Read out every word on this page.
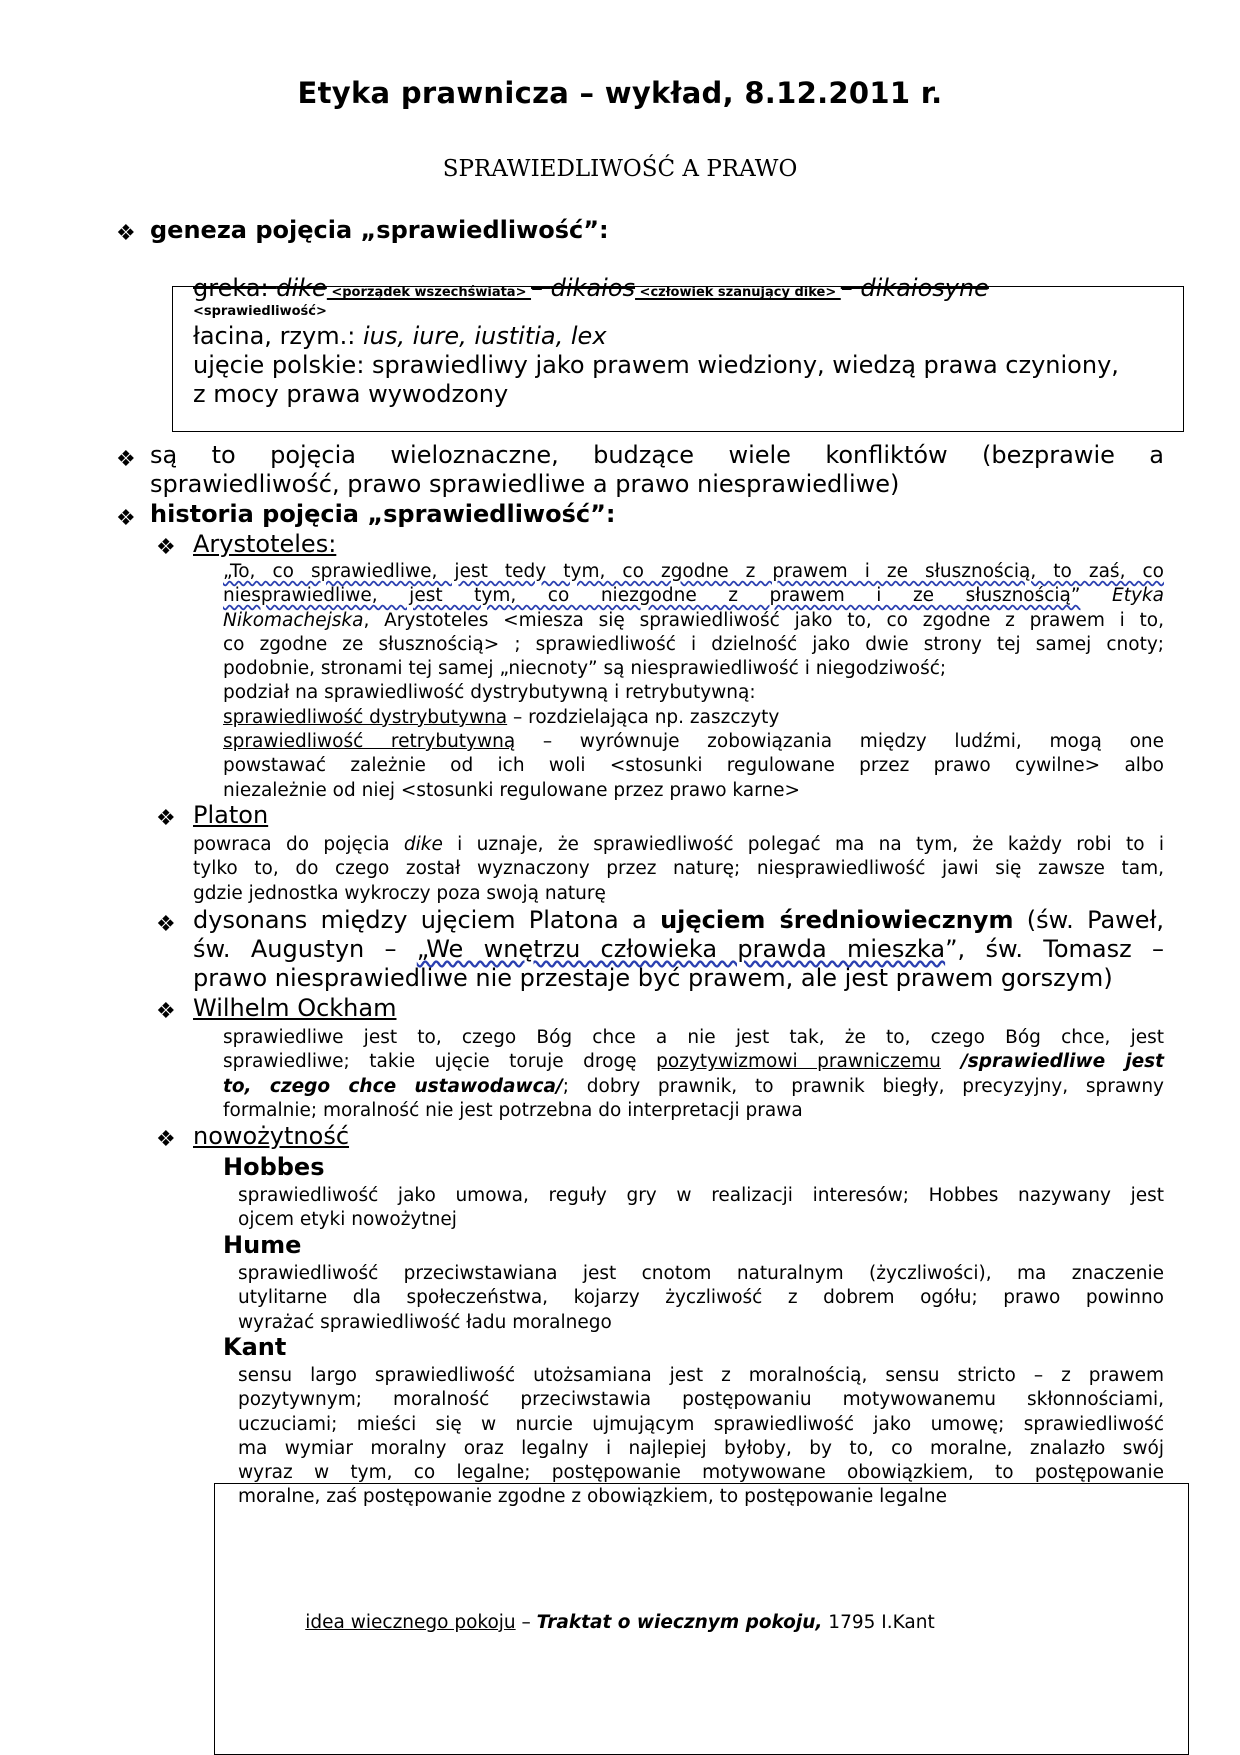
Etyka prawnicza – wykład, 8.12.2011 r.
SPRAWIEDLIWOŚĆ A PRAWO
❖ geneza pojęcia „sprawiedliwość”:
greka: dike <porządek wszechświata> – dikaios <człowiek szanujący dike> – dikaiosyne
<sprawiedliwość>
łacina, rzym.: ius, iure, iustitia, lex
ujęcie polskie: sprawiedliwy jako prawem wiedziony, wiedzą prawa czyniony,
z mocy prawa wywodzony
❖ są to pojęcia wieloznaczne, budzące wiele konfliktów (bezprawie a
sprawiedliwość, prawo sprawiedliwe a prawo niesprawiedliwe)
❖ historia pojęcia „sprawiedliwość”:
❖ Arystoteles:
„To, co sprawiedliwe, jest tedy tym, co zgodne z prawem i ze słusznością, to zaś, co
niesprawiedliwe, jest tym, co niezgodne z prawem i ze słusznością” Etyka
Nikomachejska, Arystoteles <miesza się sprawiedliwość jako to, co zgodne z prawem i to,
co zgodne ze słusznością> ; sprawiedliwość i dzielność jako dwie strony tej samej cnoty;
podobnie, stronami tej samej „niecnoty” są niesprawiedliwość i niegodziwość;
podział na sprawiedliwość dystrybutywną i retrybutywną:
sprawiedliwość dystrybutywna – rozdzielająca np. zaszczyty
sprawiedliwość retrybutywną – wyrównuje zobowiązania między ludźmi, mogą one
powstawać zależnie od ich woli <stosunki regulowane przez prawo cywilne> albo
niezależnie od niej <stosunki regulowane przez prawo karne>
❖ Platon
powraca do pojęcia dike i uznaje, że sprawiedliwość polegać ma na tym, że każdy robi to i
tylko to, do czego został wyznaczony przez naturę; niesprawiedliwość jawi się zawsze tam,
gdzie jednostka wykroczy poza swoją naturę
❖ dysonans między ujęciem Platona a ujęciem średniowiecznym (św. Paweł,
św. Augustyn – „We wnętrzu człowieka prawda mieszka”, św. Tomasz –
prawo niesprawiedliwe nie przestaje być prawem, ale jest prawem gorszym)
❖ Wilhelm Ockham
sprawiedliwe jest to, czego Bóg chce a nie jest tak, że to, czego Bóg chce, jest
sprawiedliwe; takie ujęcie toruje drogę pozytywizmowi prawniczemu /sprawiedliwe jest
to, czego chce ustawodawca/; dobry prawnik, to prawnik biegły, precyzyjny, sprawny
formalnie; moralność nie jest potrzebna do interpretacji prawa
❖ nowożytność
Hobbes
sprawiedliwość jako umowa, reguły gry w realizacji interesów; Hobbes nazywany jest
ojcem etyki nowożytnej
Hume
sprawiedliwość przeciwstawiana jest cnotom naturalnym (życzliwości), ma znaczenie
utylitarne dla społeczeństwa, kojarzy życzliwość z dobrem ogółu; prawo powinno
wyrażać sprawiedliwość ładu moralnego
Kant
sensu largo sprawiedliwość utożsamiana jest z moralnością, sensu stricto – z prawem
pozytywnym; moralność przeciwstawia postępowaniu motywowanemu skłonnościami,
uczuciami; mieści się w nurcie ujmującym sprawiedliwość jako umowę; sprawiedliwość
ma wymiar moralny oraz legalny i najlepiej byłoby, by to, co moralne, znalazło swój
wyraz w tym, co legalne; postępowanie motywowane obowiązkiem, to postępowanie
moralne, zaś postępowanie zgodne z obowiązkiem, to postępowanie legalne
idea wiecznego pokoju – Traktat o wiecznym pokoju, 1795 I.Kant
